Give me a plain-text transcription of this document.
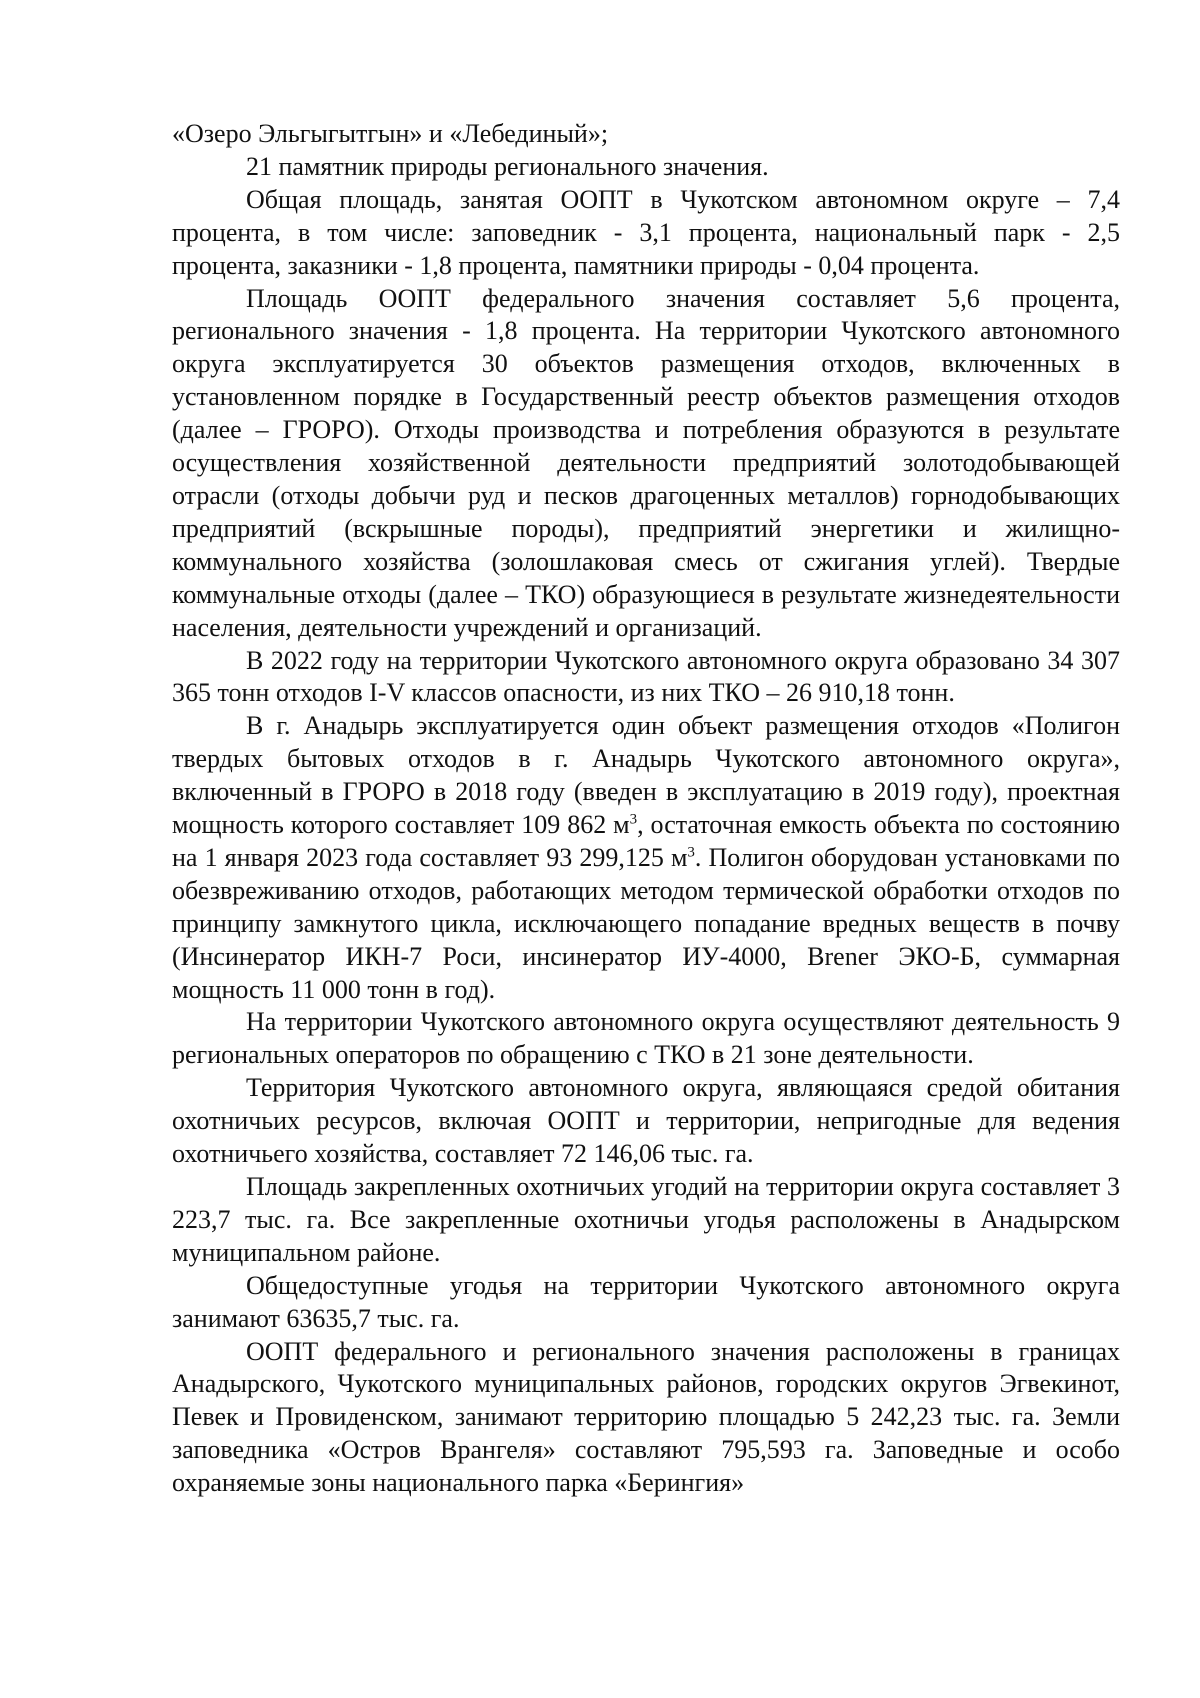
«Озеро Эльгыгытгын» и «Лебединый»;

21 памятник природы регионального значения.

Общая площадь, занятая ООПТ в Чукотском автономном округе – 7,4 процента, в том числе: заповедник - 3,1 процента, национальный парк - 2,5 процента, заказники - 1,8 процента, памятники природы - 0,04 процента.

Площадь ООПТ федерального значения составляет 5,6 процента, регионального значения - 1,8 процента. На территории Чукотского автономного округа эксплуатируется 30 объектов размещения отходов, включенных в установленном порядке в Государственный реестр объектов размещения отходов (далее – ГРОРО). Отходы производства и потребления образуются в результате осуществления хозяйственной деятельности предприятий золотодобывающей отрасли (отходы добычи руд и песков драгоценных металлов) горнодобывающих предприятий (вскрышные породы), предприятий энергетики и жилищно-коммунального хозяйства (золошлаковая смесь от сжигания углей). Твердые коммунальные отходы (далее – ТКО) образующиеся в результате жизнедеятельности населения, деятельности учреждений и организаций.

В 2022 году на территории Чукотского автономного округа образовано 34 307 365 тонн отходов I-V классов опасности, из них ТКО – 26 910,18 тонн.

В г. Анадырь эксплуатируется один объект размещения отходов «Полигон твердых бытовых отходов в г. Анадырь Чукотского автономного округа», включенный в ГРОРО в 2018 году (введен в эксплуатацию в 2019 году), проектная мощность которого составляет 109 862 $м^3$, остаточная емкость объекта по состоянию на 1 января 2023 года составляет 93 299,125 $м^3$. Полигон оборудован установками по обезвреживанию отходов, работающих методом термической обработки отходов по принципу замкнутого цикла, исключающего попадание вредных веществ в почву (Инсинератор ИКН-7 Роси, инсинератор ИУ-4000, Brener ЭКО-Б, суммарная мощность 11 000 тонн в год).

На территории Чукотского автономного округа осуществляют деятельность 9 региональных операторов по обращению с ТКО в 21 зоне деятельности.

Территория Чукотского автономного округа, являющаяся средой обитания охотничьих ресурсов, включая ООПТ и территории, непригодные для ведения охотничьего хозяйства, составляет 72 146,06 тыс. га.

Площадь закрепленных охотничьих угодий на территории округа составляет 3 223,7 тыс. га. Все закрепленные охотничьи угодья расположены в Анадырском муниципальном районе.

Общедоступные угодья на территории Чукотского автономного округа занимают 63635,7 тыс. га.

ООПТ федерального и регионального значения расположены в границах Анадырского, Чукотского муниципальных районов, городских округов Эгвекинот, Певек и Провиденском, занимают территорию площадью 5 242,23 тыс. га. Земли заповедника «Остров Врангеля» составляют 795,593 га. Заповедные и особо охраняемые зоны национального парка «Берингия»
